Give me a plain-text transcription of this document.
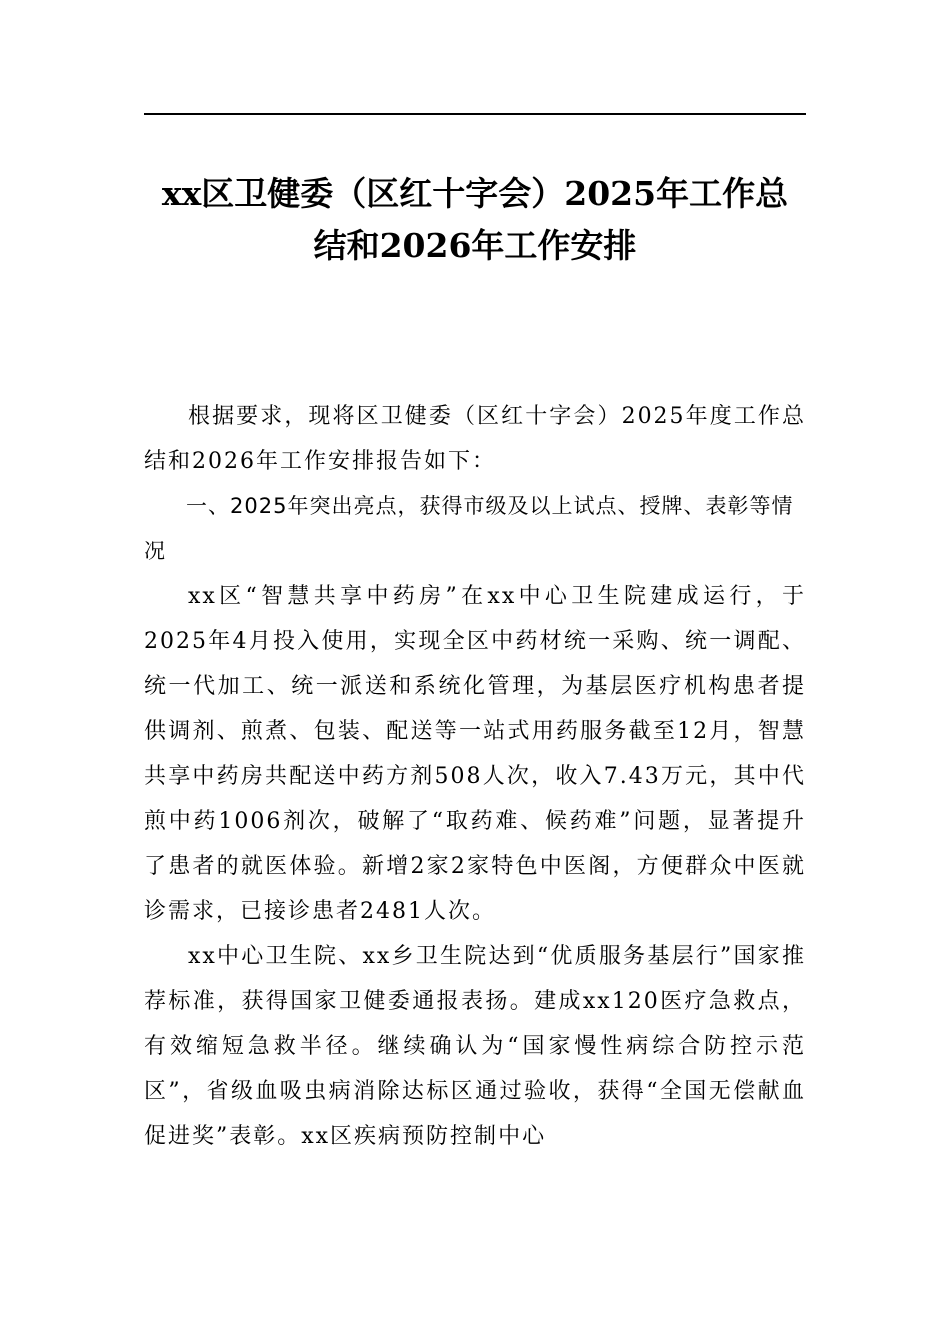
xx区卫健委（区红十字会）2025年工作总
结和2026年工作安排

根据要求，现将区卫健委（区红十字会）2025年度工作总结和2026年工作安排报告如下：

一、2025年突出亮点，获得市级及以上试点、授牌、表彰等情况

xx区“智慧共享中药房”在xx中心卫生院建成运行，于2025年4月投入使用，实现全区中药材统一采购、统一调配、统一代加工、统一派送和系统化管理，为基层医疗机构患者提供调剂、煎煮、包装、配送等一站式用药服务截至12月，智慧共享中药房共配送中药方剂508人次，收入7.43万元，其中代煎中药1006剂次，破解了“取药难、候药难”问题，显著提升了患者的就医体验。新增2家2家特色中医阁，方便群众中医就诊需求，已接诊患者2481人次。

xx中心卫生院、xx乡卫生院达到“优质服务基层行”国家推荐标准，获得国家卫健委通报表扬。建成xx120医疗急救点，有效缩短急救半径。继续确认为“国家慢性病综合防控示范区”，省级血吸虫病消除达标区通过验收，获得“全国无偿献血促进奖”表彰。xx区疾病预防控制中心
